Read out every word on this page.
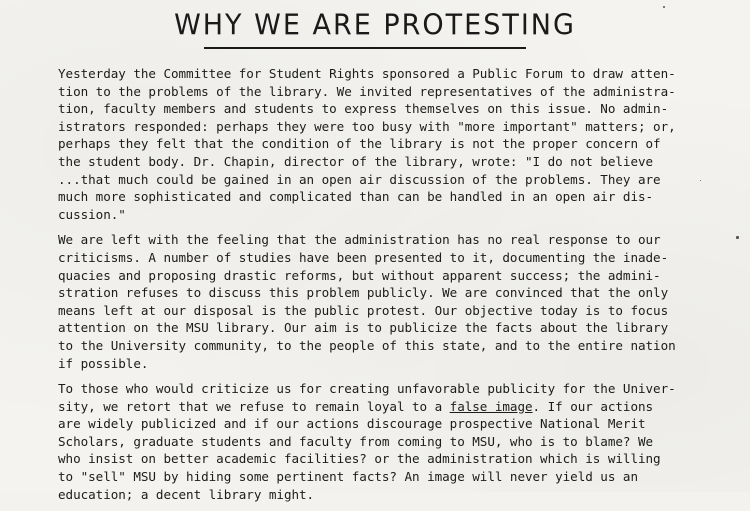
WHY WE ARE PROTESTING
Yesterday the Committee for Student Rights sponsored a Public Forum to draw atten-
tion to the problems of the library. We invited representatives of the administra-
tion, faculty members and students to express themselves on this issue. No admin-
istrators responded: perhaps they were too busy with "more important" matters; or,
perhaps they felt that the condition of the library is not the proper concern of
the student body. Dr. Chapin, director of the library, wrote: "I do not believe
...that much could be gained in an open air discussion of the problems. They are
much more sophisticated and complicated than can be handled in an open air dis-
cussion."
We are left with the feeling that the administration has no real response to our
criticisms. A number of studies have been presented to it, documenting the inade-
quacies and proposing drastic reforms, but without apparent success; the admini-
stration refuses to discuss this problem publicly. We are convinced that the only
means left at our disposal is the public protest. Our objective today is to focus
attention on the MSU library. Our aim is to publicize the facts about the library
to the University community, to the people of this state, and to the entire nation
if possible.
To those who would criticize us for creating unfavorable publicity for the Univer-
sity, we retort that we refuse to remain loyal to a false image. If our actions
are widely publicized and if our actions discourage prospective National Merit
Scholars, graduate students and faculty from coming to MSU, who is to blame? We
who insist on better academic facilities? or the administration which is willing
to "sell" MSU by hiding some pertinent facts? An image will never yield us an
education; a decent library might.
